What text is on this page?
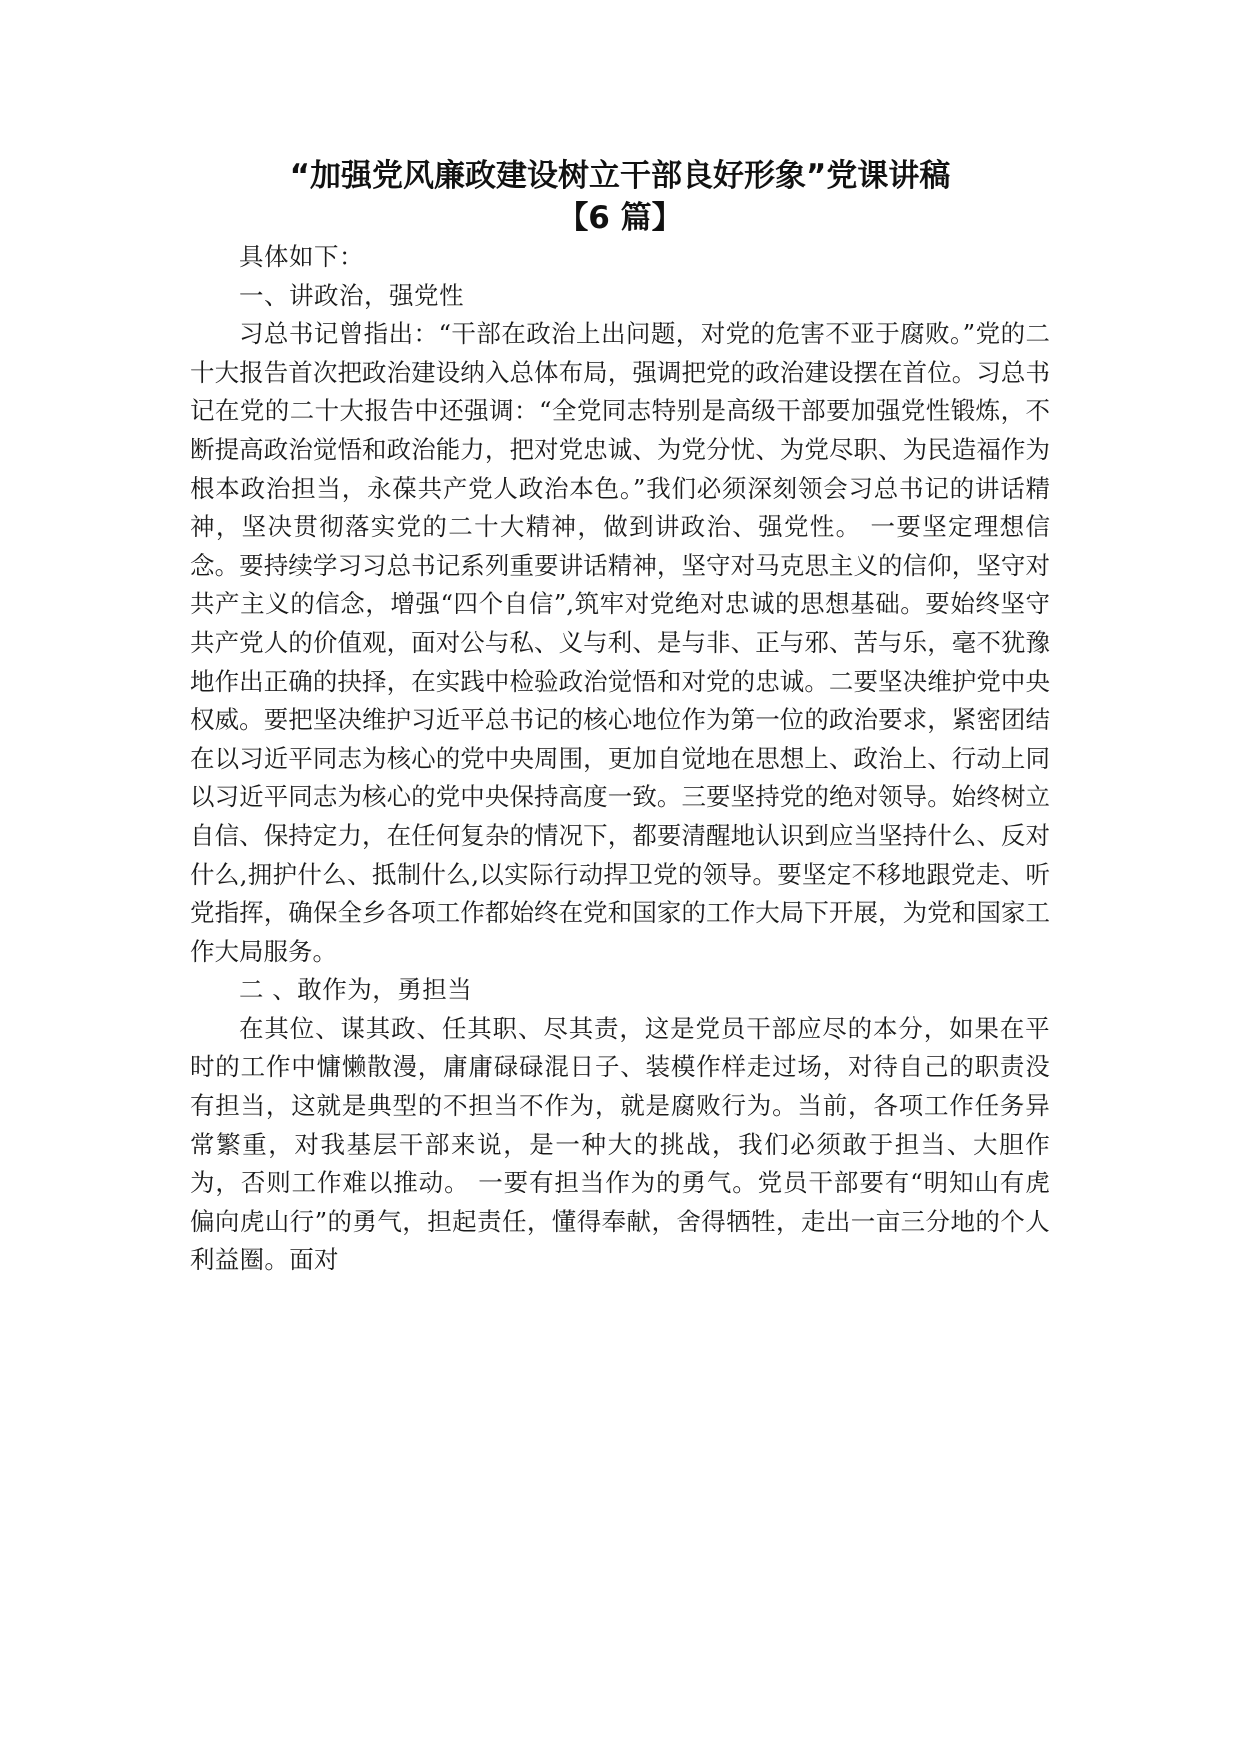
“加强党风廉政建设树立干部良好形象”党课讲稿
【6 篇】

具体如下：

一、讲政治，强党性

习总书记曾指出：“干部在政治上出问题，对党的危害不亚于腐败。”党的二十大报告首次把政治建设纳入总体布局，强调把党的政治建设摆在首位。习总书记在党的二十大报告中还强调：“全党同志特别是高级干部要加强党性锻炼，不断提高政治觉悟和政治能力，把对党忠诚、为党分忧、为党尽职、为民造福作为根本政治担当，永葆共产党人政治本色。”我们必须深刻领会习总书记的讲话精神，坚决贯彻落实党的二十大精神，做到讲政治、强党性。 一要坚定理想信念。要持续学习习总书记系列重要讲话精神，坚守对马克思主义的信仰，坚守对共产主义的信念，增强“四个自信”,筑牢对党绝对忠诚的思想基础。要始终坚守共产党人的价值观，面对公与私、义与利、是与非、正与邪、苦与乐，毫不犹豫地作出正确的抉择，在实践中检验政治觉悟和对党的忠诚。二要坚决维护党中央权威。要把坚决维护习近平总书记的核心地位作为第一位的政治要求，紧密团结在以习近平同志为核心的党中央周围，更加自觉地在思想上、政治上、行动上同以习近平同志为核心的党中央保持高度一致。三要坚持党的绝对领导。始终树立自信、保持定力，在任何复杂的情况下，都要清醒地认识到应当坚持什么、反对什么,拥护什么、抵制什么,以实际行动捍卫党的领导。要坚定不移地跟党走、听党指挥，确保全乡各项工作都始终在党和国家的工作大局下开展，为党和国家工作大局服务。

二 、敢作为，勇担当

在其位、谋其政、任其职、尽其责，这是党员干部应尽的本分，如果在平时的工作中慵懒散漫，庸庸碌碌混日子、装模作样走过场，对待自己的职责没有担当，这就是典型的不担当不作为，就是腐败行为。当前，各项工作任务异常繁重，对我基层干部来说，是一种大的挑战，我们必须敢于担当、大胆作为，否则工作难以推动。 一要有担当作为的勇气。党员干部要有“明知山有虎偏向虎山行”的勇气，担起责任，懂得奉献，舍得牺牲，走出一亩三分地的个人利益圈。面对
